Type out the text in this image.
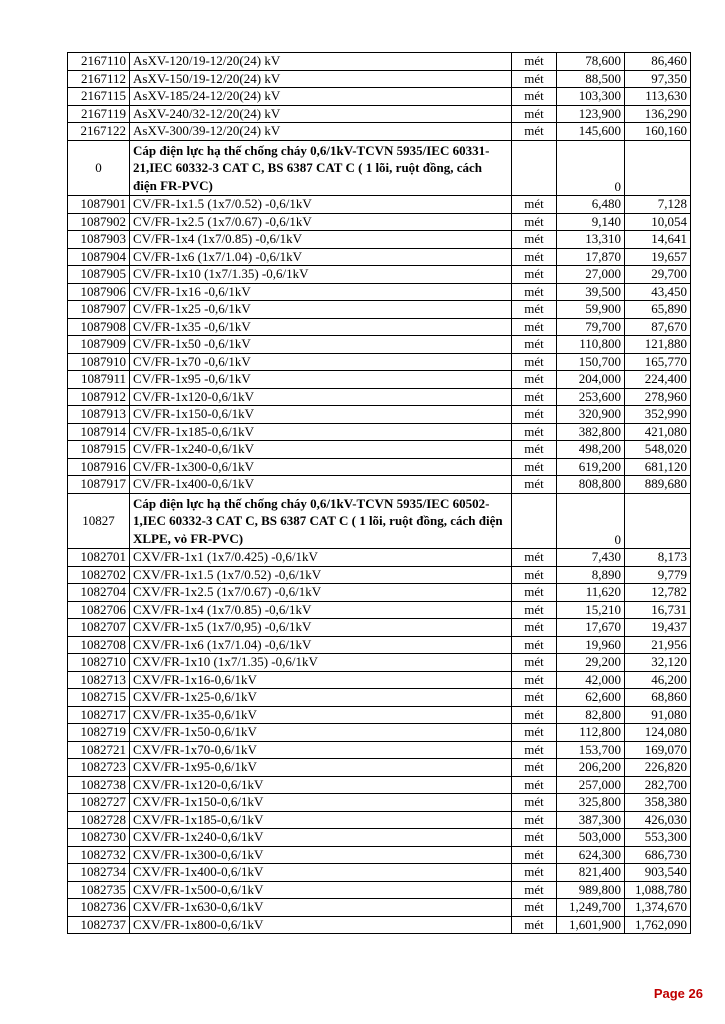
2167110	AsXV-120/19-12/20(24) kV	mét	78,600	86,460
2167112	AsXV-150/19-12/20(24) kV	mét	88,500	97,350
2167115	AsXV-185/24-12/20(24) kV	mét	103,300	113,630
2167119	AsXV-240/32-12/20(24) kV	mét	123,900	136,290
2167122	AsXV-300/39-12/20(24) kV	mét	145,600	160,160
0	Cáp điện lực hạ thế chống cháy 0,6/1kV-TCVN 5935/IEC 60331-21,IEC 60332-3 CAT C, BS 6387 CAT C ( 1 lõi, ruột đồng, cách điện FR-PVC)		0	
1087901	CV/FR-1x1.5 (1x7/0.52) -0,6/1kV	mét	6,480	7,128
1087902	CV/FR-1x2.5 (1x7/0.67) -0,6/1kV	mét	9,140	10,054
1087903	CV/FR-1x4 (1x7/0.85) -0,6/1kV	mét	13,310	14,641
1087904	CV/FR-1x6 (1x7/1.04) -0,6/1kV	mét	17,870	19,657
1087905	CV/FR-1x10 (1x7/1.35) -0,6/1kV	mét	27,000	29,700
1087906	CV/FR-1x16 -0,6/1kV	mét	39,500	43,450
1087907	CV/FR-1x25 -0,6/1kV	mét	59,900	65,890
1087908	CV/FR-1x35 -0,6/1kV	mét	79,700	87,670
1087909	CV/FR-1x50 -0,6/1kV	mét	110,800	121,880
1087910	CV/FR-1x70 -0,6/1kV	mét	150,700	165,770
1087911	CV/FR-1x95 -0,6/1kV	mét	204,000	224,400
1087912	CV/FR-1x120-0,6/1kV	mét	253,600	278,960
1087913	CV/FR-1x150-0,6/1kV	mét	320,900	352,990
1087914	CV/FR-1x185-0,6/1kV	mét	382,800	421,080
1087915	CV/FR-1x240-0,6/1kV	mét	498,200	548,020
1087916	CV/FR-1x300-0,6/1kV	mét	619,200	681,120
1087917	CV/FR-1x400-0,6/1kV	mét	808,800	889,680
10827	Cáp điện lực hạ thế chống cháy 0,6/1kV-TCVN 5935/IEC 60502-1,IEC 60332-3 CAT C, BS 6387 CAT C ( 1 lõi, ruột đồng, cách điện XLPE, vỏ FR-PVC)		0	
1082701	CXV/FR-1x1 (1x7/0.425) -0,6/1kV	mét	7,430	8,173
1082702	CXV/FR-1x1.5 (1x7/0.52) -0,6/1kV	mét	8,890	9,779
1082704	CXV/FR-1x2.5 (1x7/0.67) -0,6/1kV	mét	11,620	12,782
1082706	CXV/FR-1x4 (1x7/0.85) -0,6/1kV	mét	15,210	16,731
1082707	CXV/FR-1x5 (1x7/0,95) -0,6/1kV	mét	17,670	19,437
1082708	CXV/FR-1x6 (1x7/1.04) -0,6/1kV	mét	19,960	21,956
1082710	CXV/FR-1x10 (1x7/1.35) -0,6/1kV	mét	29,200	32,120
1082713	CXV/FR-1x16-0,6/1kV	mét	42,000	46,200
1082715	CXV/FR-1x25-0,6/1kV	mét	62,600	68,860
1082717	CXV/FR-1x35-0,6/1kV	mét	82,800	91,080
1082719	CXV/FR-1x50-0,6/1kV	mét	112,800	124,080
1082721	CXV/FR-1x70-0,6/1kV	mét	153,700	169,070
1082723	CXV/FR-1x95-0,6/1kV	mét	206,200	226,820
1082738	CXV/FR-1x120-0,6/1kV	mét	257,000	282,700
1082727	CXV/FR-1x150-0,6/1kV	mét	325,800	358,380
1082728	CXV/FR-1x185-0,6/1kV	mét	387,300	426,030
1082730	CXV/FR-1x240-0,6/1kV	mét	503,000	553,300
1082732	CXV/FR-1x300-0,6/1kV	mét	624,300	686,730
1082734	CXV/FR-1x400-0,6/1kV	mét	821,400	903,540
1082735	CXV/FR-1x500-0,6/1kV	mét	989,800	1,088,780
1082736	CXV/FR-1x630-0,6/1kV	mét	1,249,700	1,374,670
1082737	CXV/FR-1x800-0,6/1kV	mét	1,601,900	1,762,090
Page 26
